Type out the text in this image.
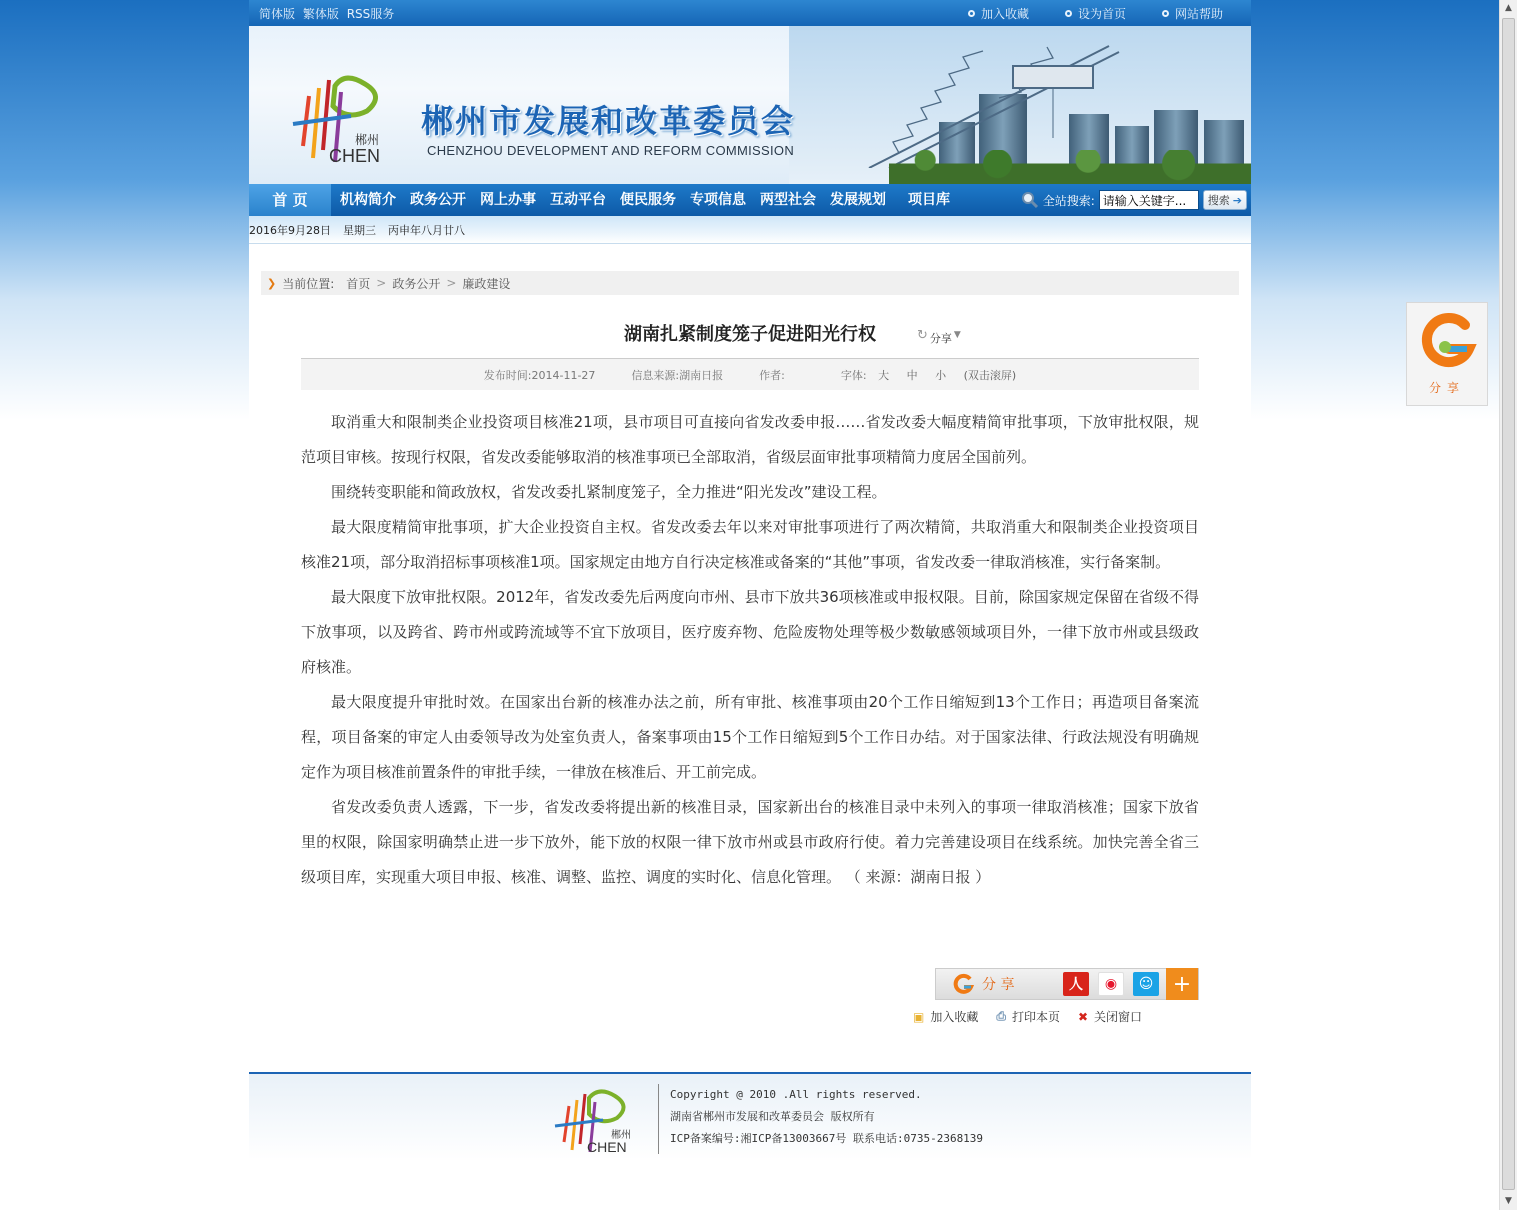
简体版 繁体版 RSS服务	加入收藏	设为首页	网站帮助
郴州
CHEN
郴州市发展和改革委员会
CHENZHOU DEVELOPMENT AND REFORM COMMISSION
首 页	机构简介	政务公开	网上办事	互动平台	便民服务	专项信息	两型社会	发展规划	项目库	全站搜索:
请输入关键字...	搜索 ➔
2016年9月28日 星期三 丙申年八月廿八
❯ 当前位置: 首页 > 政务公开 > 廉政建设
湖南扎紧制度笼子促进阳光行权	↻ 分享 ▼
发布时间:2014-11-27	信息来源:湖南日报	作者:	字体: 大 中 小 (双击滚屏)

取消重大和限制类企业投资项目核准21项，县市项目可直接向省发改委申报……省发改委大幅度精简审批事项，下放审批权限，规范项目审核。按现行权限，省发改委能够取消的核准事项已全部取消，省级层面审批事项精简力度居全国前列。

围绕转变职能和简政放权，省发改委扎紧制度笼子，全力推进“阳光发改”建设工程。

最大限度精简审批事项，扩大企业投资自主权。省发改委去年以来对审批事项进行了两次精简，共取消重大和限制类企业投资项目核准21项，部分取消招标事项核准1项。国家规定由地方自行决定核准或备案的“其他”事项，省发改委一律取消核准，实行备案制。

最大限度下放审批权限。2012年，省发改委先后两度向市州、县市下放共36项核准或申报权限。目前，除国家规定保留在省级不得下放事项，以及跨省、跨市州或跨流域等不宜下放项目，医疗废弃物、危险废物处理等极少数敏感领域项目外，一律下放市州或县级政府核准。

最大限度提升审批时效。在国家出台新的核准办法之前，所有审批、核准事项由20个工作日缩短到13个工作日；再造项目备案流程，项目备案的审定人由委领导改为处室负责人，备案事项由15个工作日缩短到5个工作日办结。对于国家法律、行政法规没有明确规定作为项目核准前置条件的审批手续，一律放在核准后、开工前完成。

省发改委负责人透露，下一步，省发改委将提出新的核准目录，国家新出台的核准目录中未列入的事项一律取消核准；国家下放省里的权限，除国家明确禁止进一步下放外，能下放的权限一律下放市州或县市政府行使。着力完善建设项目在线系统。加快完善全省三级项目库，实现重大项目申报、核准、调整、监控、调度的实时化、信息化管理。 （ 来源：湖南日报 ）

分 享	人	◉	☺ +
▣ 加入收藏 ⎙ 打印本页 ✖ 关闭窗口
郴州
CHEN
Copyright @ 2010 .All rights reserved.
湖南省郴州市发展和改革委员会 版权所有
ICP备案编号:湘ICP备13003667号 联系电话:0735-2368139
分享
▲
▼
